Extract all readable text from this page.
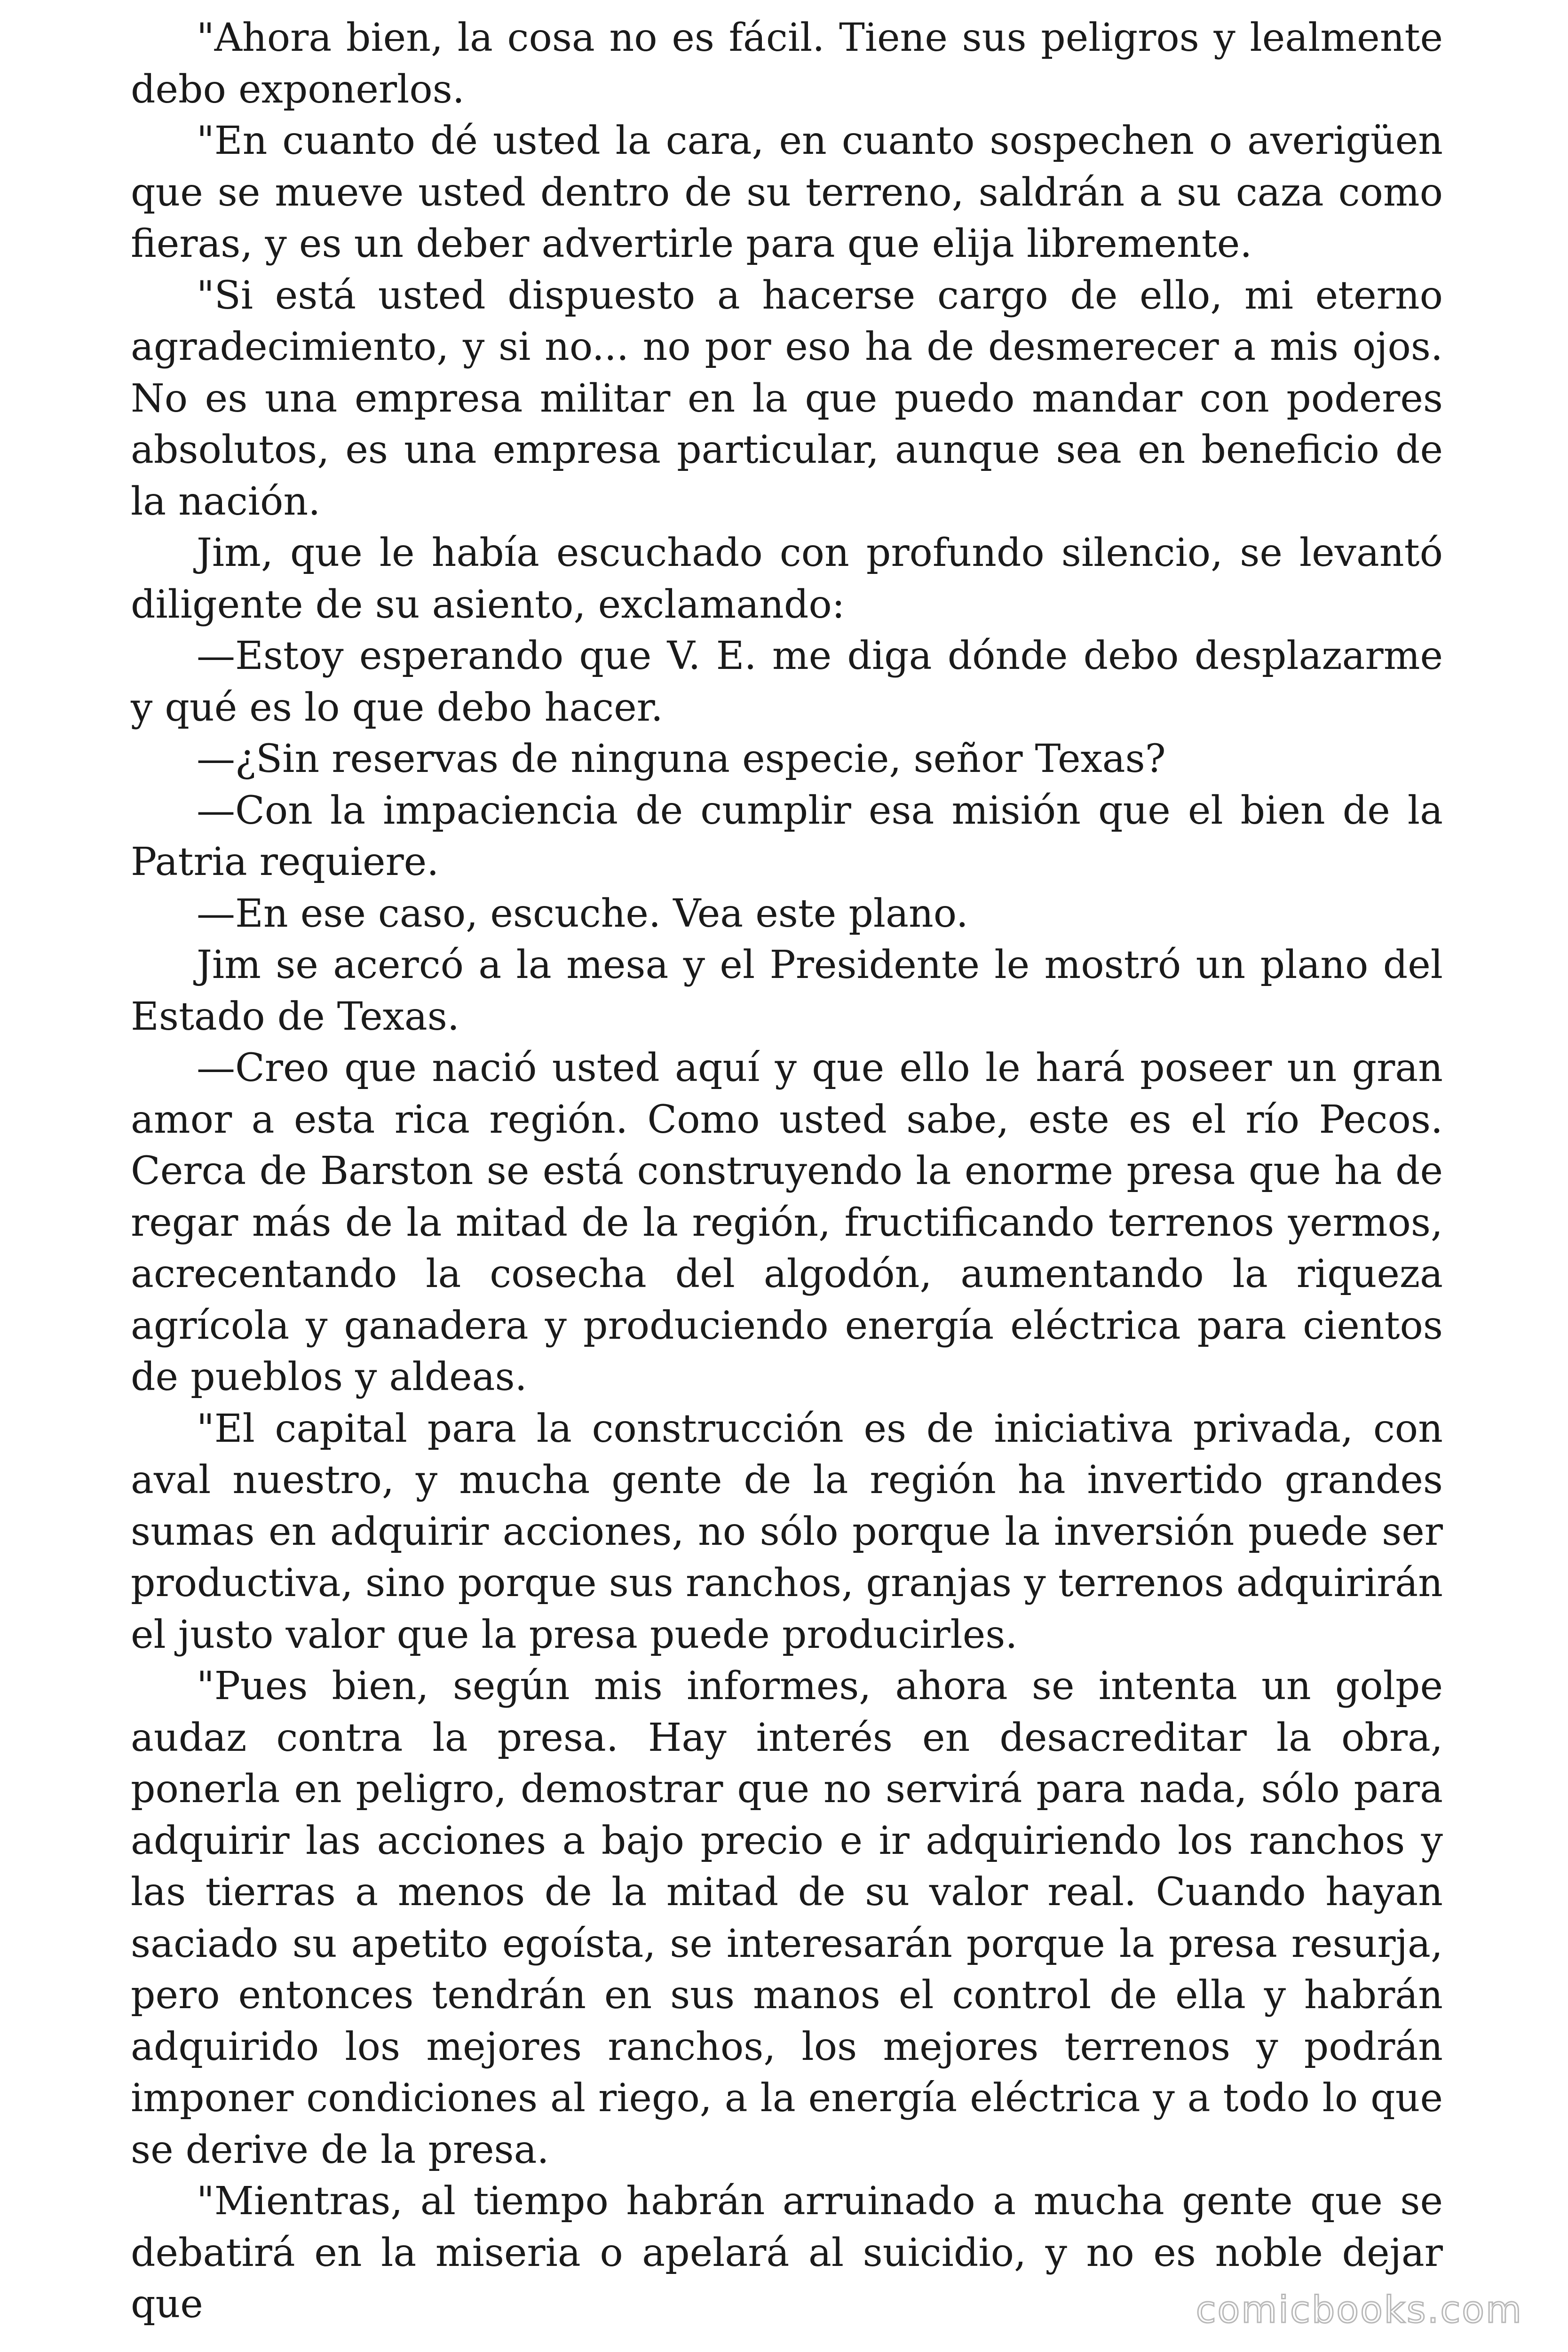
"Ahora bien, la cosa no es fácil. Tiene sus peligros y lealmente debo exponerlos.

"En cuanto dé usted la cara, en cuanto sospechen o averigüen que se mueve usted dentro de su terreno, saldrán a su caza como fieras, y es un deber advertirle para que elija libremente.

"Si está usted dispuesto a hacerse cargo de ello, mi eterno agradecimiento, y si no... no por eso ha de desmerecer a mis ojos. No es una empresa militar en la que puedo mandar con poderes absolutos, es una empresa particular, aunque sea en beneficio de la nación.

Jim, que le había escuchado con profundo silencio, se levantó diligente de su asiento, exclamando:

—Estoy esperando que V. E. me diga dónde debo desplazarme y qué es lo que debo hacer.

—¿Sin reservas de ninguna especie, señor Texas?

—Con la impaciencia de cumplir esa misión que el bien de la Patria requiere.

—En ese caso, escuche. Vea este plano.

Jim se acercó a la mesa y el Presidente le mostró un plano del Estado de Texas.

—Creo que nació usted aquí y que ello le hará poseer un gran amor a esta rica región. Como usted sabe, este es el río Pecos. Cerca de Barston se está construyendo la enorme presa que ha de regar más de la mitad de la región, fructificando terrenos yermos, acrecentando la cosecha del algodón, aumentando la riqueza agrícola y ganadera y produciendo energía eléctrica para cientos de pueblos y aldeas.

"El capital para la construcción es de iniciativa privada, con aval nuestro, y mucha gente de la región ha invertido grandes sumas en adquirir acciones, no sólo porque la inversión puede ser productiva, sino porque sus ranchos, granjas y terrenos adquirirán el justo valor que la presa puede producirles.

"Pues bien, según mis informes, ahora se intenta un golpe audaz contra la presa. Hay interés en desacreditar la obra, ponerla en peligro, demostrar que no servirá para nada, sólo para adquirir las acciones a bajo precio e ir adquiriendo los ranchos y las tierras a menos de la mitad de su valor real. Cuando hayan saciado su apetito egoísta, se interesarán porque la presa resurja, pero entonces tendrán en sus manos el control de ella y habrán adquirido los mejores ranchos, los mejores terrenos y podrán imponer condiciones al riego, a la energía eléctrica y a todo lo que se derive de la presa.

"Mientras, al tiempo habrán arruinado a mucha gente que se debatirá en la miseria o apelará al suicidio, y no es noble dejar que	comicbooks.com
